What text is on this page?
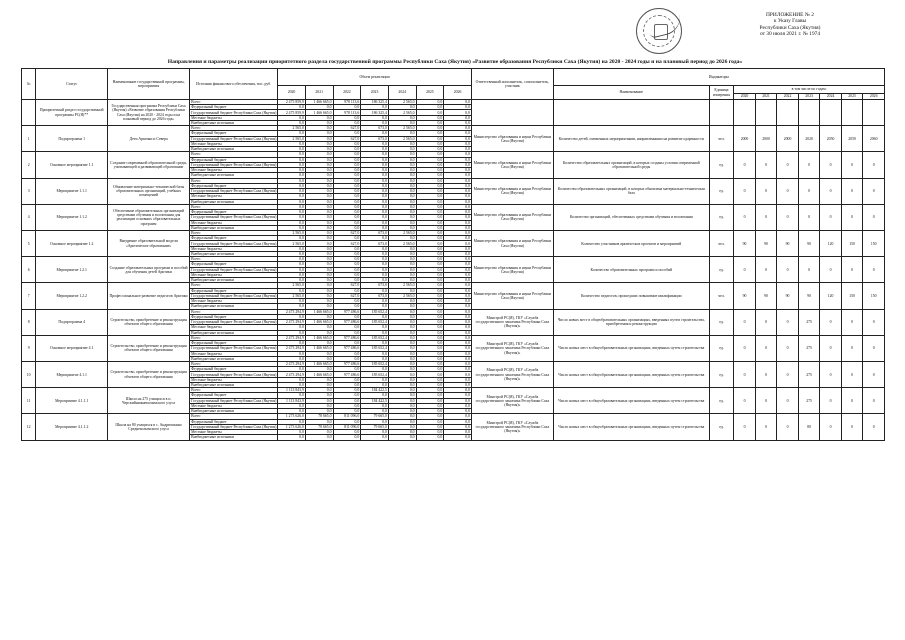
ПРИЛОЖЕНИЕ № 2
к Указу Главы
Республики Саха (Якутия)
от 30 июля 2021 г. № 1974
Направления и параметры реализации приоритетного раздела государственной программы Республики Саха (Якутия) «Развитие образования Республики Саха (Якутия) на 2020 - 2024 годы и на плановый период до 2026 года»
№	Статус	Наименование государственной программы, мероприятия	Источник финансового обеспечения, тыс. руб.	Объем реализации							Ответственный исполнитель, соисполнитель, участник	Индикаторы								
				2020	2021	2022	2023	2024	2025	2026		Наименование	Единица измерения	в том числе по годам:						
														2020	2021	2022	2023	2024	2025	2026
	Приоритетный раздел государственной программы РС(Я)**	Государственная программа Республики Саха (Якутия) «Развитие образования Республики Саха (Якутия) на 2020 - 2024 годы и на плановый период до 2026 года»	Всего	2 475 859,9	1 466 665,0	978 113,6	186 325,4	2 565,0	0,0	0,0										
			Федеральный бюджет	0,0	0,0	0,0	0,0	0,0	0,0	0,0										
			Государственный бюджет Республики Саха (Якутия)	2 475 859,9	1 466 665,0	978 113,6	186 325,4	2 565,0	0,0	0,0										
			Местные бюджеты	0,0	0,0	0,0	0,0	0,0	0,0	0,0										
			Внебюджетные источники	0,0	0,0	0,0	0,0	0,0	0,0	0,0										
1	Подпрограмма 1	Дети Арктики и Севера	Всего	2 565,0	0,0	627,0	673,0	2 565,0	0,0	0,0	Министерство образования и науки Республики Саха (Якутия)	Количество детей, охваченных мероприятиями, направленными на развитие одаренности	чел.	2000	2000	2000	2020	2050	2050	2060
			Федеральный бюджет	0,0	0,0	0,0	0,0	0,0	0,0	0,0										
			Государственный бюджет Республики Саха (Якутия)	2 565,0	0,0	627,0	673,0	2 565,0	0,0	0,0										
			Местные бюджеты	0,0	0,0	0,0	0,0	0,0	0,0	0,0										
			Внебюджетные источники	0,0	0,0	0,0	0,0	0,0	0,0	0,0										
2	Основное мероприятие 1.1	Создание современной образовательной среды, учитывающей и развивающей образование	Всего	0,0	0,0	0,0	0,0	0,0	0,0	0,0	Министерство образования и науки Республики Саха (Якутия)	Количество образовательных организаций, в которых созданы условия современной образовательной среды	ед.	0	0	0	0	0	0	0
			Федеральный бюджет	0,0	0,0	0,0	0,0	0,0	0,0	0,0										
			Государственный бюджет Республики Саха (Якутия)	0,0	0,0	0,0	0,0	0,0	0,0	0,0										
			Местные бюджеты	0,0	0,0	0,0	0,0	0,0	0,0	0,0										
			Внебюджетные источники	0,0	0,0	0,0	0,0	0,0	0,0	0,0										
3	Мероприятие 1.1.1	Обновление материально-технической базы образовательных организаций, учебных помещений	Всего	0,0	0,0	0,0	0,0	0,0	0,0	0,0	Министерство образования и науки Республики Саха (Якутия)	Количество образовательных организаций, в которых обновлена материально-техническая база	ед.	0	0	0	0	0	0	0
			Федеральный бюджет	0,0	0,0	0,0	0,0	0,0	0,0	0,0										
			Государственный бюджет Республики Саха (Якутия)	0,0	0,0	0,0	0,0	0,0	0,0	0,0										
			Местные бюджеты	0,0	0,0	0,0	0,0	0,0	0,0	0,0										
			Внебюджетные источники	0,0	0,0	0,0	0,0	0,0	0,0	0,0										
4	Мероприятие 1.1.2	Обеспечение образовательных организаций средствами обучения и воспитания для реализации основных образовательных программ	Всего	0,0	0,0	0,0	0,0	0,0	0,0	0,0	Министерство образования и науки Республики Саха (Якутия)	Количество организаций, обеспеченных средствами обучения и воспитания	ед.	0	0	0	0	0	0	0
			Федеральный бюджет	0,0	0,0	0,0	0,0	0,0	0,0	0,0										
			Государственный бюджет Республики Саха (Якутия)	0,0	0,0	0,0	0,0	0,0	0,0	0,0										
			Местные бюджеты	0,0	0,0	0,0	0,0	0,0	0,0	0,0										
			Внебюджетные источники	0,0	0,0	0,0	0,0	0,0	0,0	0,0										
5	Основное мероприятие 1.2	Внедрение образовательной модели «Арктическое образование»	Всего	2 565,0	0,0	627,0	673,0	2 565,0	0,0	0,0	Министерство образования и науки Республики Саха (Якутия)	Количество участников арктических проектов и мероприятий	чел.	90	90	90	90	120	150	150
			Федеральный бюджет	0,0	0,0	0,0	0,0	0,0	0,0	0,0										
			Государственный бюджет Республики Саха (Якутия)	2 565,0	0,0	627,0	673,0	2 565,0	0,0	0,0										
			Местные бюджеты	0,0	0,0	0,0	0,0	0,0	0,0	0,0										
			Внебюджетные источники	0,0	0,0	0,0	0,0	0,0	0,0	0,0										
6	Мероприятие 1.2.1	Создание образовательных программ и пособий для обучения детей Арктики	Всего	0,0	0,0	0,0	0,0	0,0	0,0	0,0	Министерство образования и науки Республики Саха (Якутия)	Количество образовательных программ и пособий	ед.	0	0	0	0	0	0	0
			Федеральный бюджет	0,0	0,0	0,0	0,0	0,0	0,0	0,0										
			Государственный бюджет Республики Саха (Якутия)	0,0	0,0	0,0	0,0	0,0	0,0	0,0										
			Местные бюджеты	0,0	0,0	0,0	0,0	0,0	0,0	0,0										
			Внебюджетные источники	0,0	0,0	0,0	0,0	0,0	0,0	0,0										
7	Мероприятие 1.2.2	Профессиональное развитие педагогов Арктики	Всего	2 565,0	0,0	627,0	673,0	2 565,0	0,0	0,0	Министерство образования и науки Республики Саха (Якутия)	Количество педагогов, прошедших повышение квалификации	чел.	90	90	90	90	120	150	150
			Федеральный бюджет	0,0	0,0	0,0	0,0	0,0	0,0	0,0										
			Государственный бюджет Республики Саха (Якутия)	2 565,0	0,0	627,0	673,0	2 565,0	0,0	0,0										
			Местные бюджеты	0,0	0,0	0,0	0,0	0,0	0,0	0,0										
			Внебюджетные источники	0,0	0,0	0,0	0,0	0,0	0,0	0,0										
8	Подпрограмма 4	Строительство, приобретение и реконструкция объектов общего образования	Всего	2 473 294,9	1 466 665,0	977 486,6	185 652,4	0,0	0,0	0,0	Минстрой РС(Я), ГКУ «Служба государственного заказчика Республики Саха (Якутия)»	Число новых мест в общеобразовательных организациях, введенных путем строительства, приобретения и реконструкции	ед.	0	0	0	275	0	0	0
			Федеральный бюджет	0,0	0,0	0,0	0,0	0,0	0,0	0,0										
			Государственный бюджет Республики Саха (Якутия)	2 473 294,9	1 466 665,0	977 486,6	185 652,4	0,0	0,0	0,0										
			Местные бюджеты	0,0	0,0	0,0	0,0	0,0	0,0	0,0										
			Внебюджетные источники	0,0	0,0	0,0	0,0	0,0	0,0	0,0										
9	Основное мероприятие 4.1	Строительство, приобретение и реконструкция объектов общего образования	Всего	2 473 294,9	1 466 665,0	977 486,6	185 652,4	0,0	0,0	0,0	Минстрой РС(Я), ГКУ «Служба государственного заказчика Республики Саха (Якутия)»	Число новых мест в общеобразовательных организациях, введенных путем строительства	ед.	0	0	0	275	0	0	0
			Федеральный бюджет	0,0	0,0	0,0	0,0	0,0	0,0	0,0										
			Государственный бюджет Республики Саха (Якутия)	2 473 294,9	1 466 665,0	977 486,6	185 652,4	0,0	0,0	0,0										
			Местные бюджеты	0,0	0,0	0,0	0,0	0,0	0,0	0,0										
			Внебюджетные источники	0,0	0,0	0,0	0,0	0,0	0,0	0,0										
10	Мероприятие 4.1.1	Строительство, приобретение и реконструкция объектов общего образования	Всего	2 473 294,9	1 466 665,0	977 486,6	185 652,4	0,0	0,0	0,0	Минстрой РС(Я), ГКУ «Служба государственного заказчика Республики Саха (Якутия)»	Число новых мест в общеобразовательных организациях, введенных путем строительства	ед.	0	0	0	275	0	0	0
			Федеральный бюджет	0,0	0,0	0,0	0,0	0,0	0,0	0,0										
			Государственный бюджет Республики Саха (Якутия)	2 473 294,9	1 466 665,0	977 486,6	185 652,4	0,0	0,0	0,0										
			Местные бюджеты	0,0	0,0	0,0	0,0	0,0	0,0	0,0										
			Внебюджетные источники	0,0	0,0	0,0	0,0	0,0	0,0	0,0										
11	Мероприятие 4.1.1.1	Школа на 275 учащихся в п. Черскийнижнеколымского улуса	Всего	1 113 843,9	0,0	0,0	184 422,5	0,0	0,0	0,0	Минстрой РС(Я), ГКУ «Служба государственного заказчика Республики Саха (Якутия)»	Число новых мест в общеобразовательных организациях, введенных путем строительства	ед.	0	0	0	275	0	0	0
			Федеральный бюджет	0,0	0,0	0,0	0,0	0,0	0,0	0,0										
			Государственный бюджет Республики Саха (Якутия)	1 113 843,9	0,0	0,0	184 422,5	0,0	0,0	0,0										
			Местные бюджеты	0,0	0,0	0,0	0,0	0,0	0,0	0,0										
			Внебюджетные источники	0,0	0,0	0,0	0,0	0,0	0,0	0,0										
12	Мероприятие 4.1.1.2	Школа на 80 учащихся в с. Андрюшкино Среднеколымского улуса	Всего	1 273 626,0	78 665,0	811 096,0	79 665,0	0,0	0,0	0,0	Минстрой РС(Я), ГКУ «Служба государственного заказчика Республики Саха (Якутия)»	Число новых мест в общеобразовательных организациях, введенных путем строительства	ед.	0	0	0	80	0	0	0
			Федеральный бюджет	0,0	0,0	0,0	0,0	0,0	0,0	0,0										
			Государственный бюджет Республики Саха (Якутия)	1 273 626,0	78 665,0	811 096,0	79 665,0	0,0	0,0	0,0										
			Местные бюджеты	0,0	0,0	0,0	0,0	0,0	0,0	0,0										
			Внебюджетные источники	0,0	0,0	0,0	0,0	0,0	0,0	0,0										
